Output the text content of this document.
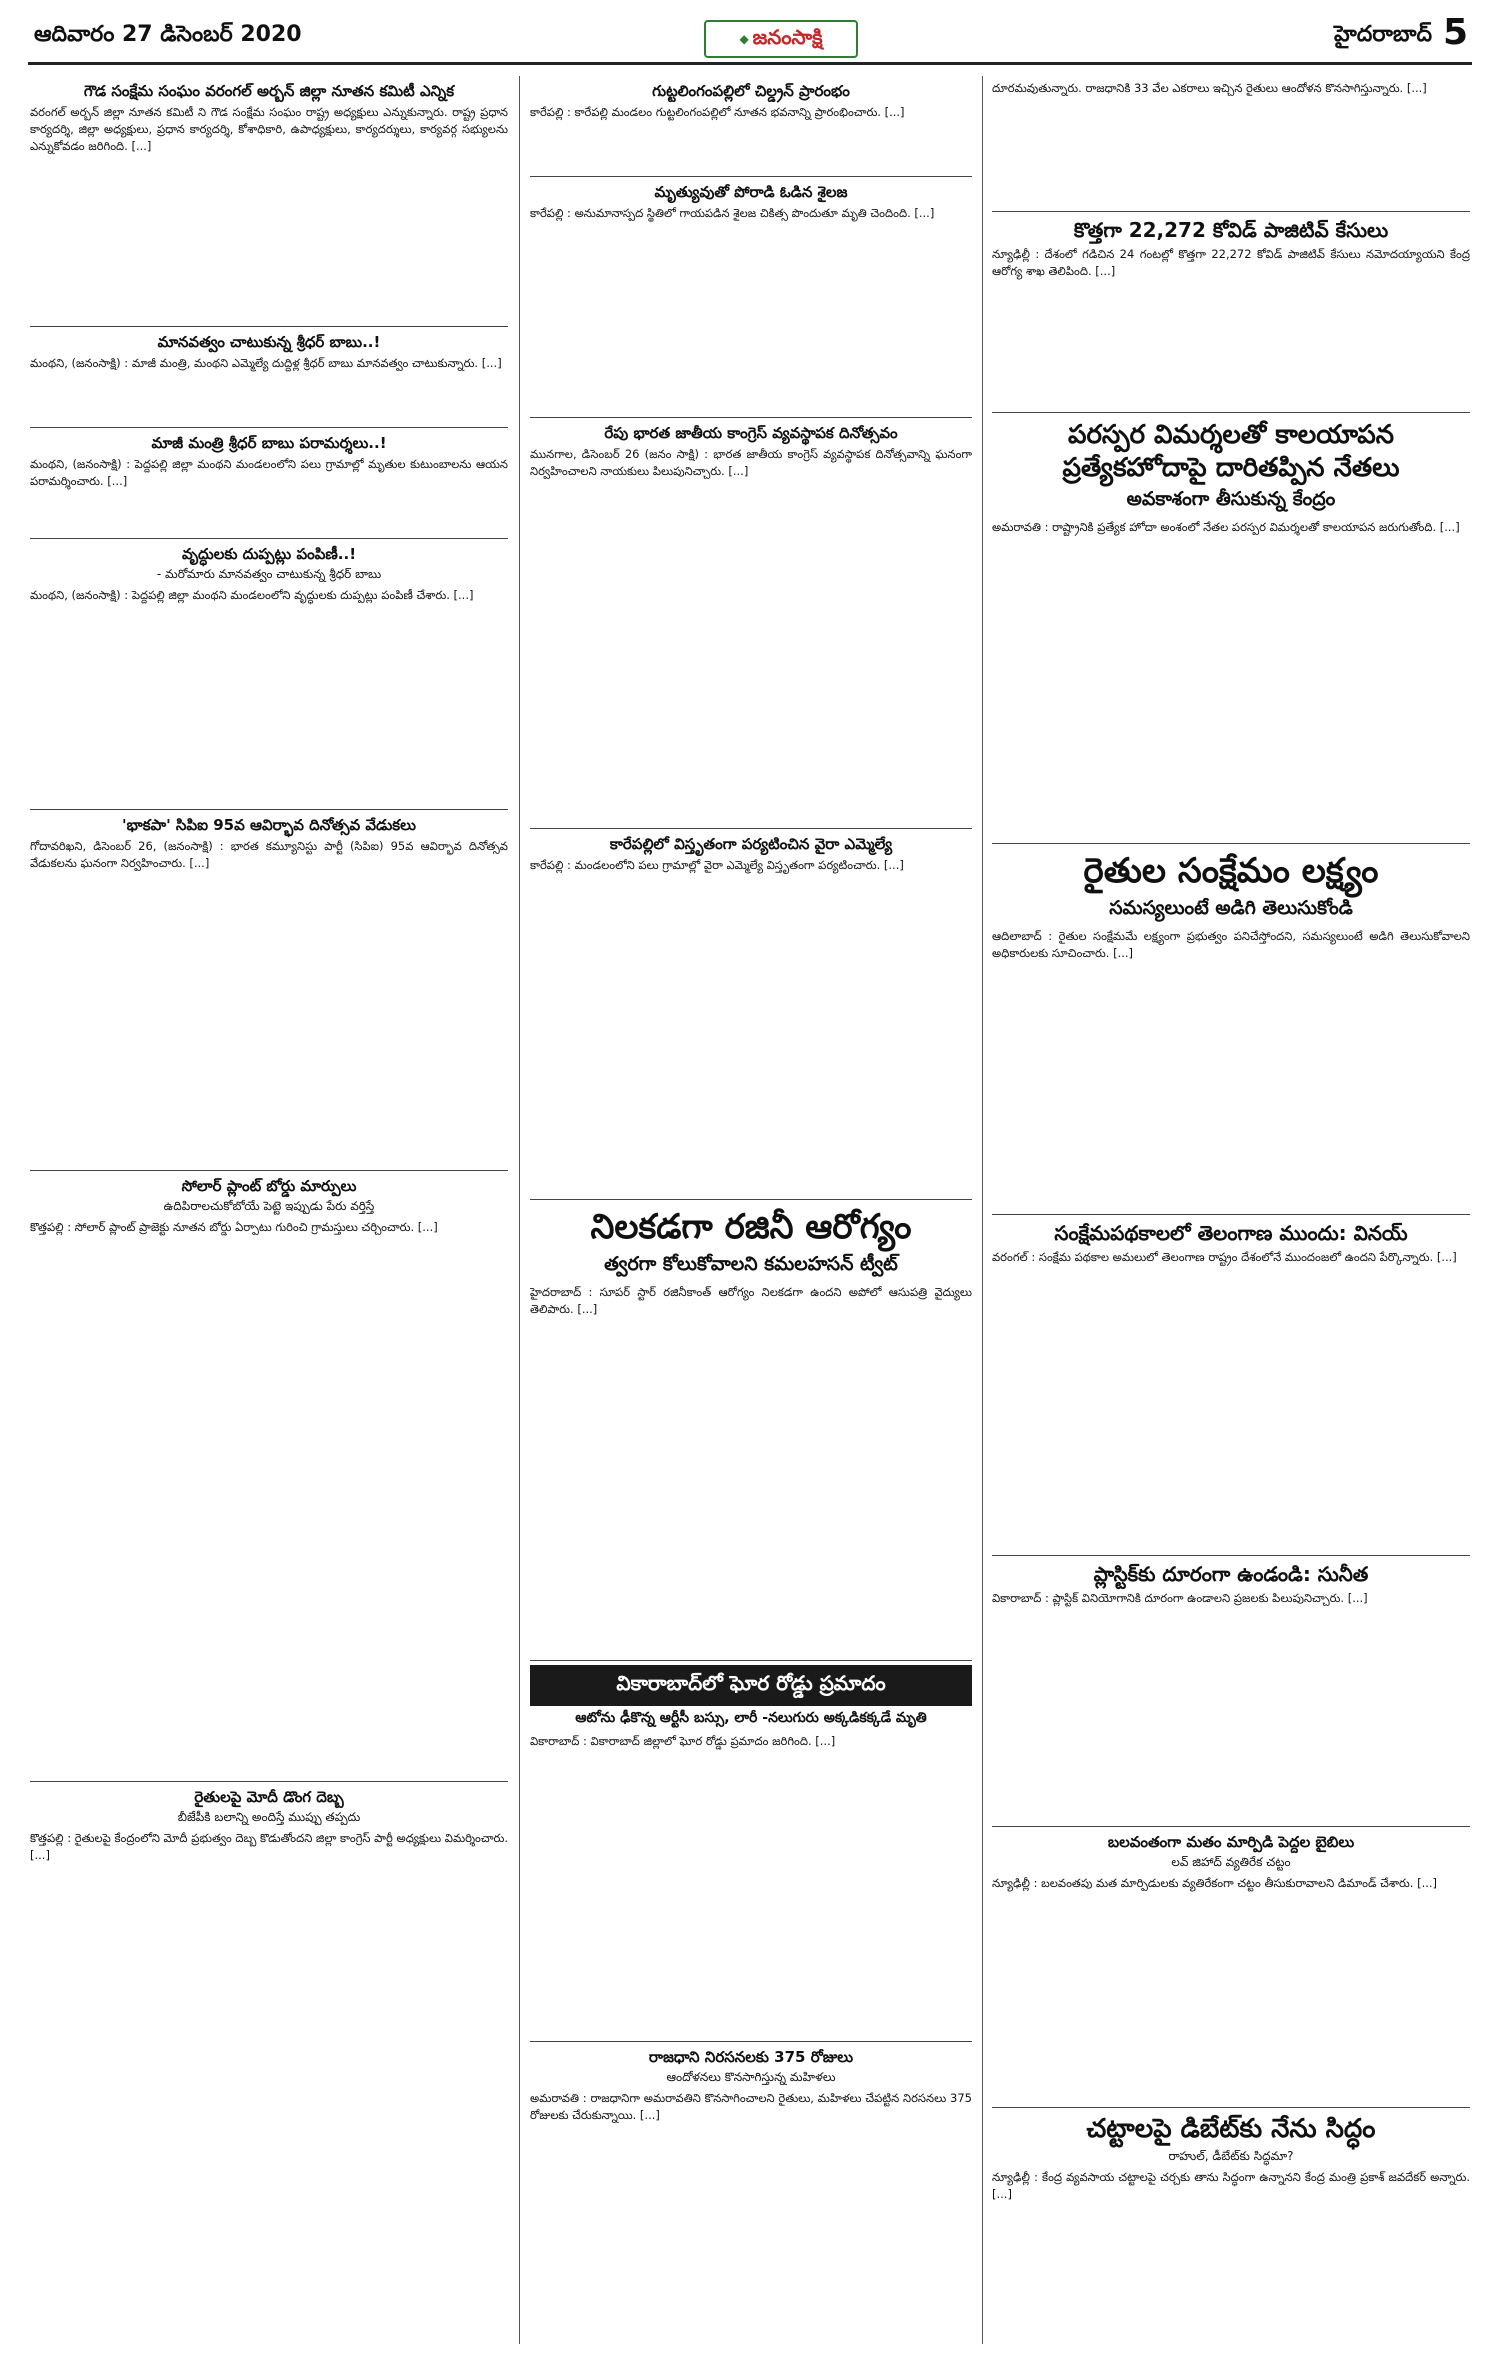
ఆదివారం 27 డిసెంబర్ 2020	◆ జనంసాక్షి	హైదరాబాద్ 5
గౌడ సంక్షేమ సంఘం వరంగల్ అర్బన్ జిల్లా నూతన కమిటీ ఎన్నిక

వరంగల్ అర్బన్ జిల్లా నూతన కమిటీ ని గౌడ సంక్షేమ సంఘం రాష్ట్ర అధ్యక్షులు ఎన్నుకున్నారు. రాష్ట్ర ప్రధాన కార్యదర్శి, జిల్లా అధ్యక్షులు, ప్రధాన కార్యదర్శి, కోశాధికారి, ఉపాధ్యక్షులు, కార్యదర్శులు, కార్యవర్గ సభ్యులను ఎన్నుకోవడం జరిగింది. [...]

మానవత్వం చాటుకున్న శ్రీధర్ బాబు..!

మంథని, (జనంసాక్షి) : మాజీ మంత్రి, మంథని ఎమ్మెల్యే దుద్దిళ్ల శ్రీధర్ బాబు మానవత్వం చాటుకున్నారు. [...]

మాజీ మంత్రి శ్రీధర్ బాబు పరామర్శలు..!

మంథని, (జనంసాక్షి) : పెద్దపల్లి జిల్లా మంథని మండలంలోని పలు గ్రామాల్లో మృతుల కుటుంబాలను ఆయన పరామర్శించారు. [...]

వృద్ధులకు దుప్పట్లు పంపిణీ..!
- మరోమారు మానవత్వం చాటుకున్న శ్రీధర్ బాబు

మంథని, (జనంసాక్షి) : పెద్దపల్లి జిల్లా మంథని మండలంలోని వృద్ధులకు దుప్పట్లు పంపిణీ చేశారు. [...]

'భాకపా' సిపిఐ 95వ ఆవిర్భావ దినోత్సవ వేడుకలు

గోదావరిఖని, డిసెంబర్ 26, (జనంసాక్షి) : భారత కమ్యూనిస్టు పార్టీ (సిపిఐ) 95వ ఆవిర్భావ దినోత్సవ వేడుకలను ఘనంగా నిర్వహించారు. [...]

సోలార్ ప్లాంట్ బోర్డు మార్పులు
ఉదిపిరాలచుకోబోయే పెట్టె ఇప్పుడు పేరు వర్తిస్తే

కొత్తపల్లి : సోలార్ ప్లాంట్ ప్రాజెక్టు నూతన బోర్డు ఏర్పాటు గురించి గ్రామస్తులు చర్చించారు. [...]

రైతులపై మోదీ డొంగ దెబ్బ
బీజేపీకి బలాన్ని అందిస్తే ముప్పు తప్పదు

కొత్తపల్లి : రైతులపై కేంద్రంలోని మోదీ ప్రభుత్వం దెబ్బ కొడుతోందని జిల్లా కాంగ్రెస్ పార్టీ అధ్యక్షులు విమర్శించారు. [...]

గుట్టలింగంపల్లిలో చిల్డ్రన్ ప్రారంభం

కారేపల్లి : కారేపల్లి మండలం గుట్టలింగంపల్లిలో నూతన భవనాన్ని ప్రారంభించారు. [...]

మృత్యువుతో పోరాడి ఓడిన శైలజ

కారేపల్లి : అనుమానాస్పద స్థితిలో గాయపడిన శైలజ చికిత్స పొందుతూ మృతి చెందింది. [...]

రేపు భారత జాతీయ కాంగ్రెస్ వ్యవస్థాపక దినోత్సవం

మునగాల, డిసెంబర్ 26 (జనం సాక్షి) : భారత జాతీయ కాంగ్రెస్ వ్యవస్థాపక దినోత్సవాన్ని ఘనంగా నిర్వహించాలని నాయకులు పిలుపునిచ్చారు. [...]

కారేపల్లిలో విస్తృతంగా పర్యటించిన వైరా ఎమ్మెల్యే

కారేపల్లి : మండలంలోని పలు గ్రామాల్లో వైరా ఎమ్మెల్యే విస్తృతంగా పర్యటించారు. [...]

నిలకడగా రజినీ ఆరోగ్యం
త్వరగా కోలుకోవాలని కమలహసన్ ట్వీట్

హైదరాబాద్ : సూపర్ స్టార్ రజినీకాంత్ ఆరోగ్యం నిలకడగా ఉందని అపోలో ఆసుపత్రి వైద్యులు తెలిపారు. [...]

వికారాబాద్‌లో ఘోర రోడ్డు ప్రమాదం
ఆటోను ఢీకొన్న ఆర్టీసీ బస్సు, లారీ -నలుగురు అక్కడికక్కడే మృతి

వికారాబాద్ : వికారాబాద్ జిల్లాలో ఘోర రోడ్డు ప్రమాదం జరిగింది. [...]

రాజధాని నిరసనలకు 375 రోజులు
ఆందోళనలు కొనసాగిస్తున్న మహిళలు

అమరావతి : రాజధానిగా అమరావతిని కొనసాగించాలని రైతులు, మహిళలు చేపట్టిన నిరసనలు 375 రోజులకు చేరుకున్నాయి. [...]

దూరమవుతున్నారు. రాజధానికి 33 వేల ఎకరాలు ఇచ్చిన రైతులు ఆందోళన కొనసాగిస్తున్నారు. [...]

కొత్తగా 22,272 కోవిడ్ పాజిటివ్ కేసులు

న్యూఢిల్లీ : దేశంలో గడిచిన 24 గంటల్లో కొత్తగా 22,272 కోవిడ్ పాజిటివ్ కేసులు నమోదయ్యాయని కేంద్ర ఆరోగ్య శాఖ తెలిపింది. [...]

పరస్పర విమర్శలతో కాలయాపన ప్రత్యేకహోదాపై దారితప్పిన నేతలు
అవకాశంగా తీసుకున్న కేంద్రం

అమరావతి : రాష్ట్రానికి ప్రత్యేక హోదా అంశంలో నేతల పరస్పర విమర్శలతో కాలయాపన జరుగుతోంది. [...]

రైతుల సంక్షేమం లక్ష్యం
సమస్యలుంటే అడిగి తెలుసుకోండి

ఆదిలాబాద్ : రైతుల సంక్షేమమే లక్ష్యంగా ప్రభుత్వం పనిచేస్తోందని, సమస్యలుంటే అడిగి తెలుసుకోవాలని అధికారులకు సూచించారు. [...]

సంక్షేమపథకాలలో తెలంగాణ ముందు: వినయ్

వరంగల్ : సంక్షేమ పథకాల అమలులో తెలంగాణ రాష్ట్రం దేశంలోనే ముందంజలో ఉందని పేర్కొన్నారు. [...]

ప్లాస్టిక్‌కు దూరంగా ఉండండి: సునీత

వికారాబాద్ : ప్లాస్టిక్ వినియోగానికి దూరంగా ఉండాలని ప్రజలకు పిలుపునిచ్చారు. [...]

బలవంతంగా మతం మార్పిడి పెద్దల బైబిలు
లవ్ జిహాద్ వ్యతిరేక చట్టం

న్యూఢిల్లీ : బలవంతపు మత మార్పిడులకు వ్యతిరేకంగా చట్టం తీసుకురావాలని డిమాండ్ చేశారు. [...]

చట్టాలపై డిబేట్‌కు నేను సిద్ధం
రాహుల్, డీబేట్‌కు సిద్ధమా?

న్యూఢిల్లీ : కేంద్ర వ్యవసాయ చట్టాలపై చర్చకు తాను సిద్ధంగా ఉన్నానని కేంద్ర మంత్రి ప్రకాశ్ జవదేకర్ అన్నారు. [...]
